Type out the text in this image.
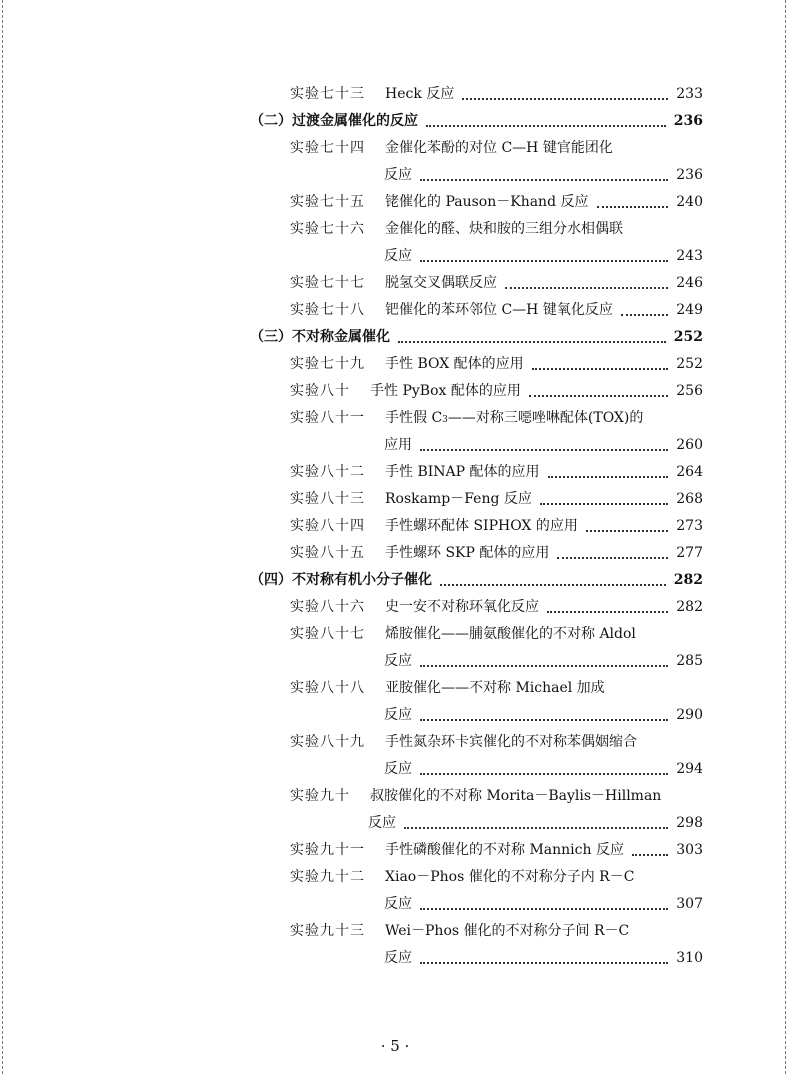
实验七十三 Heck 反应	233
（二）过渡金属催化的反应	236
实验七十四 金催化苯酚的对位 C—H 键官能团化
反应	236
实验七十五 铑催化的 Pauson－Khand 反应	240
实验七十六 金催化的醛、炔和胺的三组分水相偶联
反应	243
实验七十七 脱氢交叉偶联反应	246
实验七十八 钯催化的苯环邻位 C—H 键氧化反应	249
（三）不对称金属催化	252
实验七十九 手性 BOX 配体的应用	252
实验八十 手性 PyBox 配体的应用	256
实验八十一 手性假 C 3 ——对称三噁唑啉配体(TOX)的
应用	260
实验八十二 手性 BINAP 配体的应用	264
实验八十三 Roskamp－Feng 反应	268
实验八十四 手性螺环配体 SIPHOX 的应用	273
实验八十五 手性螺环 SKP 配体的应用	277
（四）不对称有机小分子催化	282
实验八十六 史一安不对称环氧化反应	282
实验八十七 烯胺催化——脯氨酸催化的不对称 Aldol
反应	285
实验八十八 亚胺催化——不对称 Michael 加成
反应	290
实验八十九 手性氮杂环卡宾催化的不对称苯偶姻缩合
反应	294
实验九十 叔胺催化的不对称 Morita－Baylis－Hillman
反应	298
实验九十一 手性磷酸催化的不对称 Mannich 反应	303
实验九十二 Xiao－Phos 催化的不对称分子内 R－C
反应	307
实验九十三 Wei－Phos 催化的不对称分子间 R－C
反应	310
· 5 ·
